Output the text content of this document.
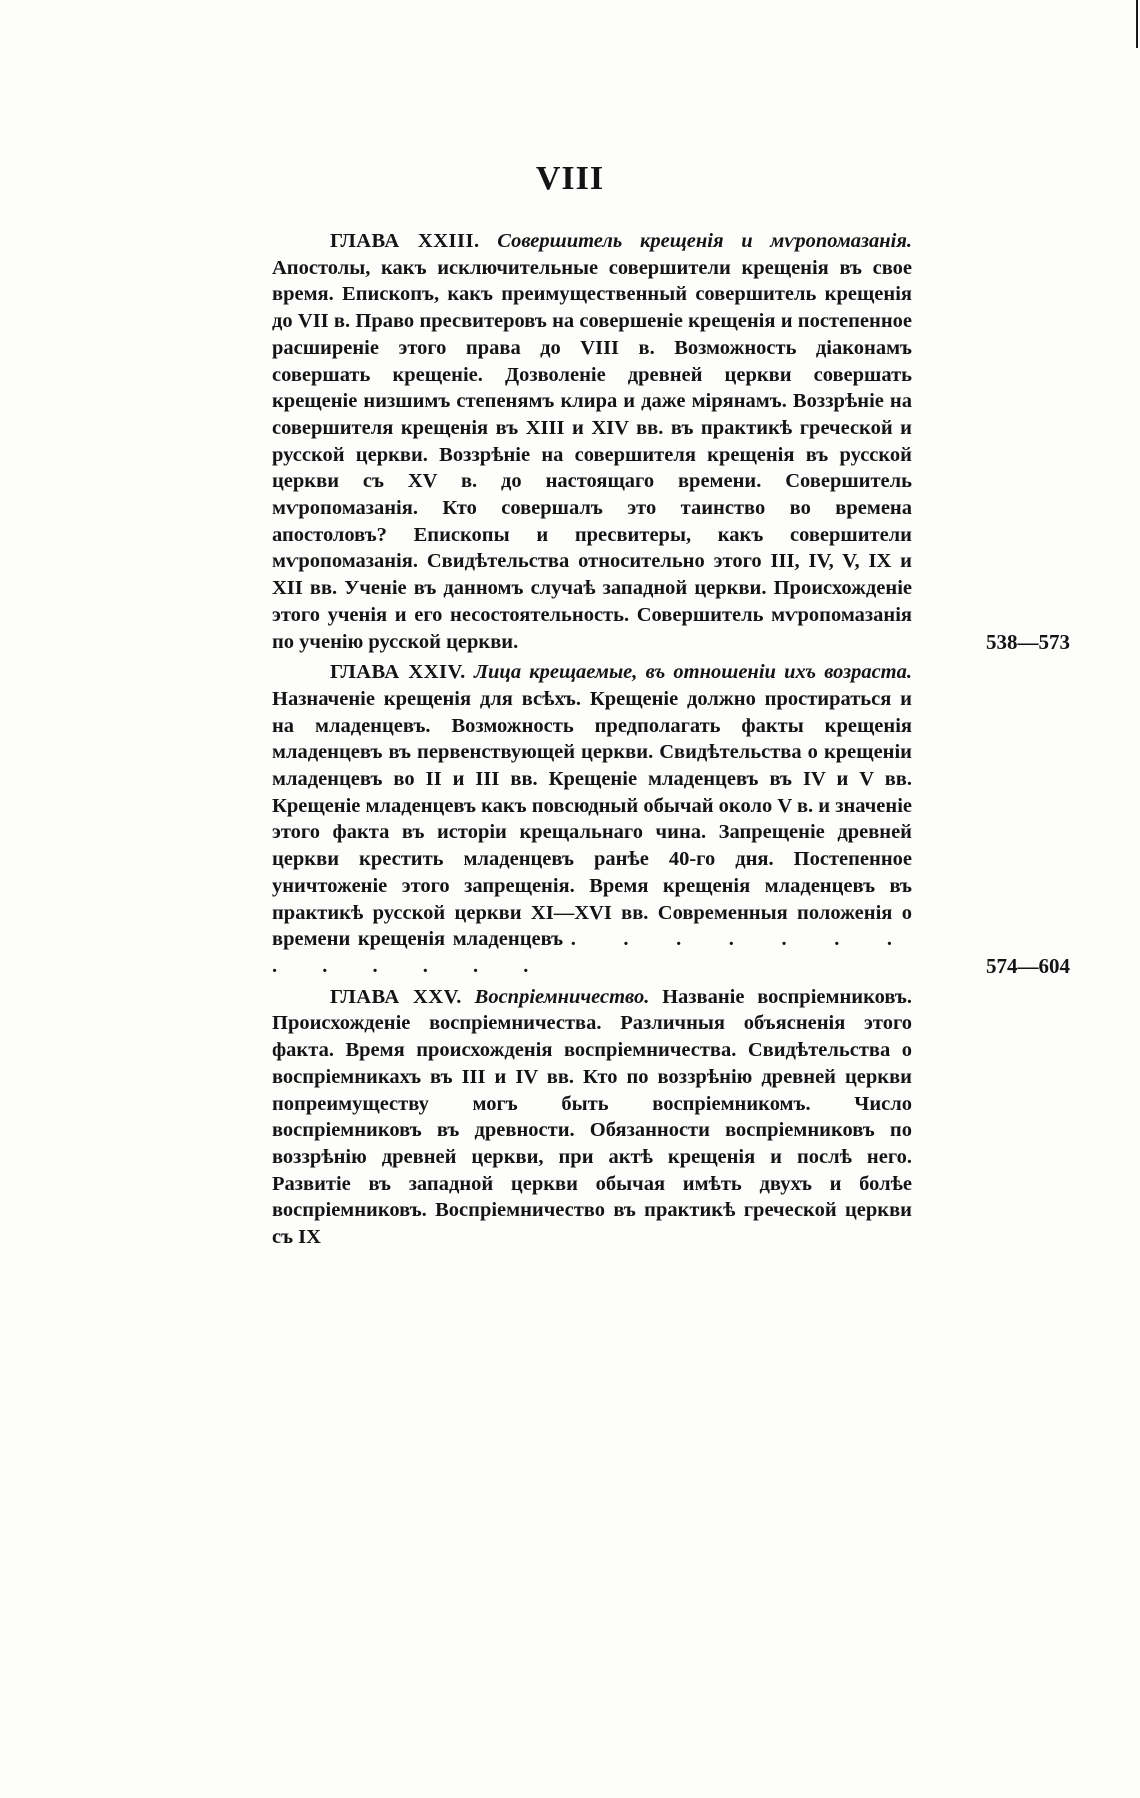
VIII

ГЛАВА XXIII. Совершитель крещенія и мѵропомазанія. Апостолы, какъ исключительные совершители крещенія въ свое время. Епископъ, какъ преимущественный совершитель крещенія до VII в. Право пресвитеровъ на совершеніе крещенія и постепенное расширеніе этого права до VIII в. Возможность діаконамъ совершать крещеніе. Дозволеніе древней церкви совершать крещеніе низшимъ степенямъ клира и даже мірянамъ. Воззрѣніе на совершителя крещенія въ XIII и XIV вв. въ практикѣ греческой и русской церкви. Воззрѣніе на совершителя крещенія въ русской церкви съ XV в. до настоящаго времени. Совершитель мѵропомазанія. Кто совершалъ это таинство во времена апостоловъ? Епископы и пресвитеры, какъ совершители мѵропомазанія. Свидѣтельства относительно этого III, IV, V, IX и XII вв. Ученіе въ данномъ случаѣ западной церкви. Происхожденіе этого ученія и его несостоятельность. Совершитель мѵропомазанія по ученію русской церкви.	538—573

ГЛАВА XXIV. Лица крещаемые, въ отношеніи ихъ возраста. Назначеніе крещенія для всѣхъ. Крещеніе должно простираться и на младенцевъ. Возможность предполагать факты крещенія младенцевъ въ первенствующей церкви. Свидѣтельства о крещеніи младенцевъ во II и III вв. Крещеніе младенцевъ въ IV и V вв. Крещеніе младенцевъ какъ повсюдный обычай около V в. и значеніе этого факта въ исторіи крещальнаго чина. Запрещеніе древней церкви крестить младенцевъ ранѣе 40-го дня. Постепенное уничтоженіе этого запрещенія. Время крещенія младенцевъ въ практикѣ русской церкви XI—XVI вв. Современныя положенія о времени крещенія младенцевъ . . . . . . . . . . . . .	574—604

ГЛАВА XXV. Воспріемничество. Названіе воспріемниковъ. Происхожденіе воспріемничества. Различныя объясненія этого факта. Время происхожденія воспріемничества. Свидѣтельства о воспріемникахъ въ III и IV вв. Кто по воззрѣнію древней церкви попреимуществу могъ быть воспріемникомъ. Число воспріемниковъ въ древности. Обязанности воспріемниковъ по воззрѣнію древней церкви, при актѣ крещенія и послѣ него. Развитіе въ западной церкви обычая имѣть двухъ и болѣе воспріемниковъ. Воспріемничество въ практикѣ греческой церкви съ IX
